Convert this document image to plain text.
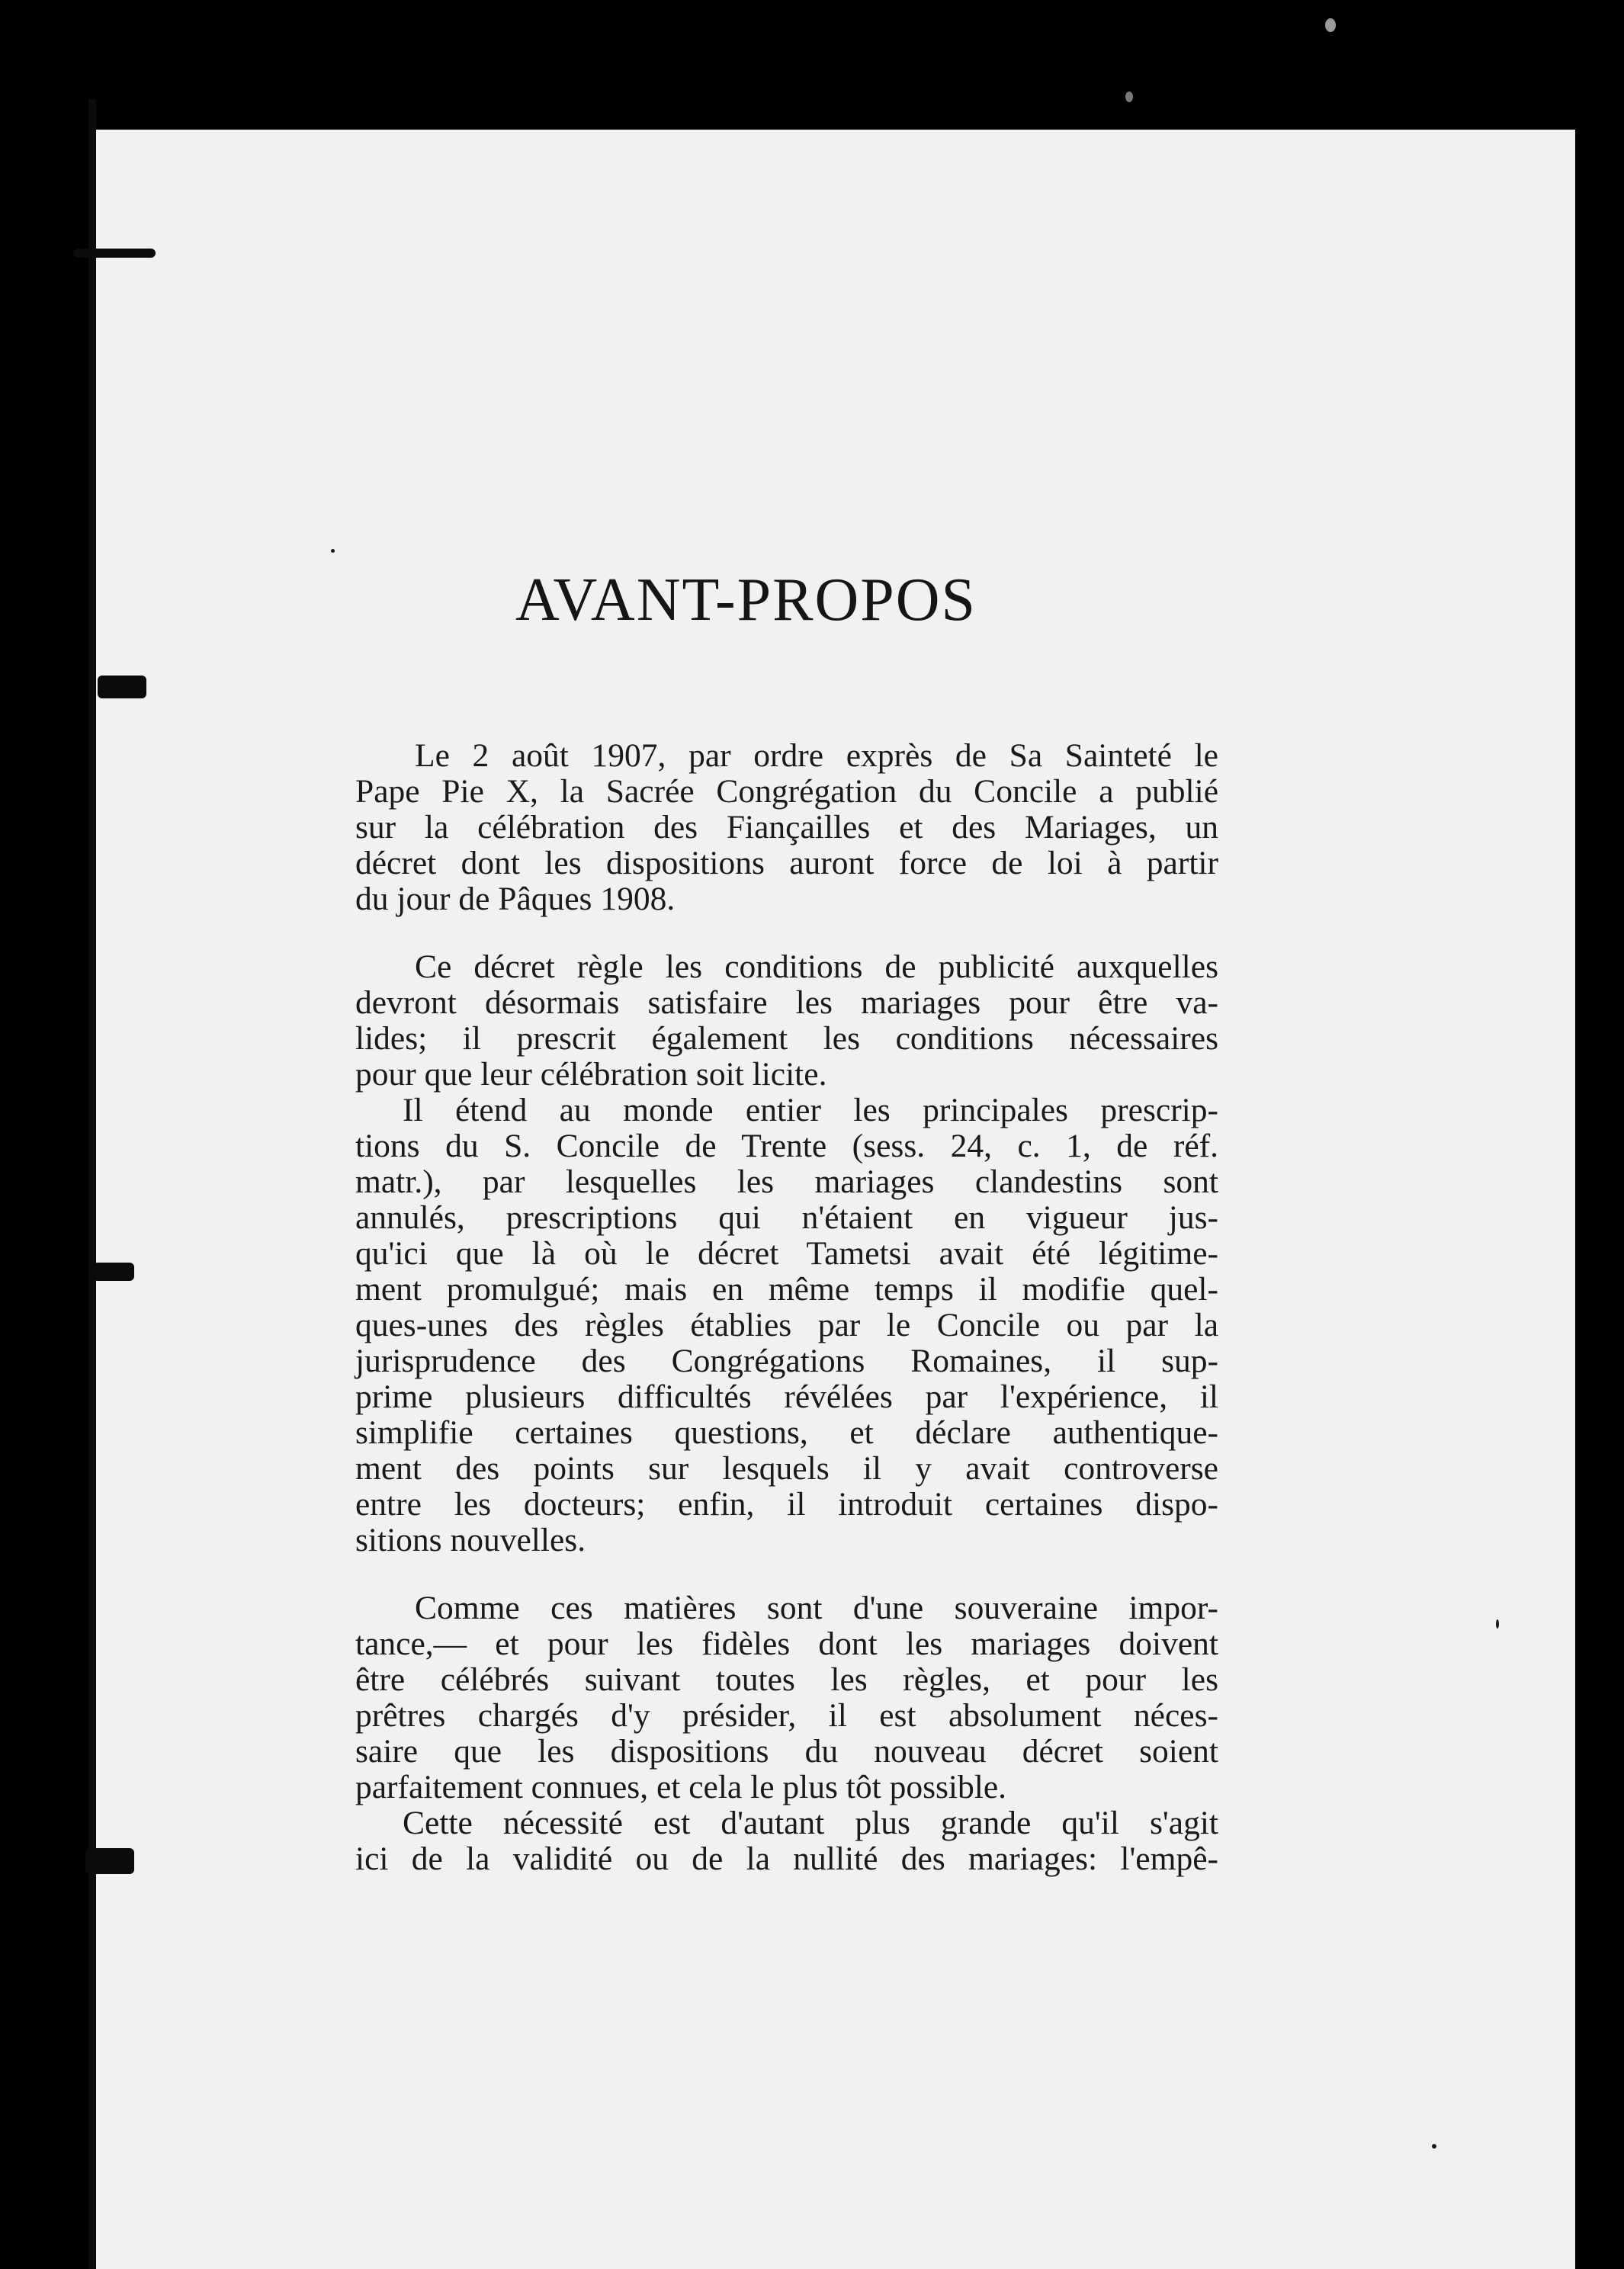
AVANT-PROPOS
Le 2 août 1907, par ordre exprès de Sa Sainteté le
Pape Pie X, la Sacrée Congrégation du Concile a publié
sur la célébration des Fiançailles et des Mariages, un
décret dont les dispositions auront force de loi à partir
du jour de Pâques 1908.
Ce décret règle les conditions de publicité auxquelles
devront désormais satisfaire les mariages pour être va-
lides; il prescrit également les conditions nécessaires
pour que leur célébration soit licite.
Il étend au monde entier les principales prescrip-
tions du S. Concile de Trente (sess. 24, c. 1, de réf.
matr.), par lesquelles les mariages clandestins sont
annulés, prescriptions qui n'étaient en vigueur jus-
qu'ici que là où le décret Tametsi avait été légitime-
ment promulgué; mais en même temps il modifie quel-
ques-unes des règles établies par le Concile ou par la
jurisprudence des Congrégations Romaines, il sup-
prime plusieurs difficultés révélées par l'expérience, il
simplifie certaines questions, et déclare authentique-
ment des points sur lesquels il y avait controverse
entre les docteurs; enfin, il introduit certaines dispo-
sitions nouvelles.
Comme ces matières sont d'une souveraine impor-
tance,— et pour les fidèles dont les mariages doivent
être célébrés suivant toutes les règles, et pour les
prêtres chargés d'y présider, il est absolument néces-
saire que les dispositions du nouveau décret soient
parfaitement connues, et cela le plus tôt possible.
Cette nécessité est d'autant plus grande qu'il s'agit
ici de la validité ou de la nullité des mariages: l'empê-
